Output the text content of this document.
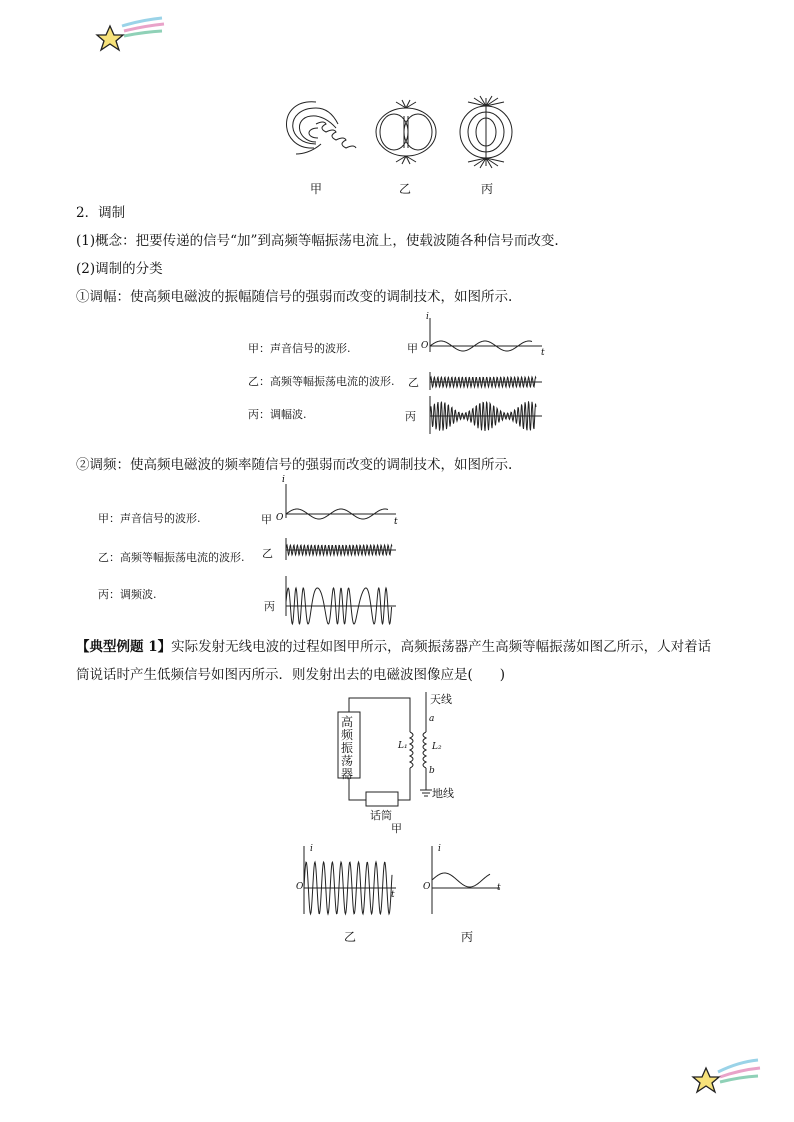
甲	乙	丙
2．调制
(1)概念：把要传递的信号“加”到高频等幅振荡电流上，使载波随各种信号而改变.
(2)调制的分类
①调幅：使高频电磁波的振幅随信号的强弱而改变的调制技术，如图所示.
甲：声音信号的波形.
乙：高频等幅振荡电流的波形.
丙：调幅波.
甲
乙
丙
i
O
t
②调频：使高频电磁波的频率随信号的强弱而改变的调制技术，如图所示.
甲：声音信号的波形.
乙：高频等幅振荡电流的波形.
丙：调频波.
甲
乙
丙
i
O	t
【典型例题 1】实际发射无线电波的过程如图甲所示，高频振荡器产生高频等幅振荡如图乙所示，人对着话
筒说话时产生低频信号如图丙所示．则发射出去的电磁波图像应是(　　)
高频振荡器
天线
a
L₁	L₂
b
地线
话筒
甲
i
O
t
乙
i
O	t
丙
